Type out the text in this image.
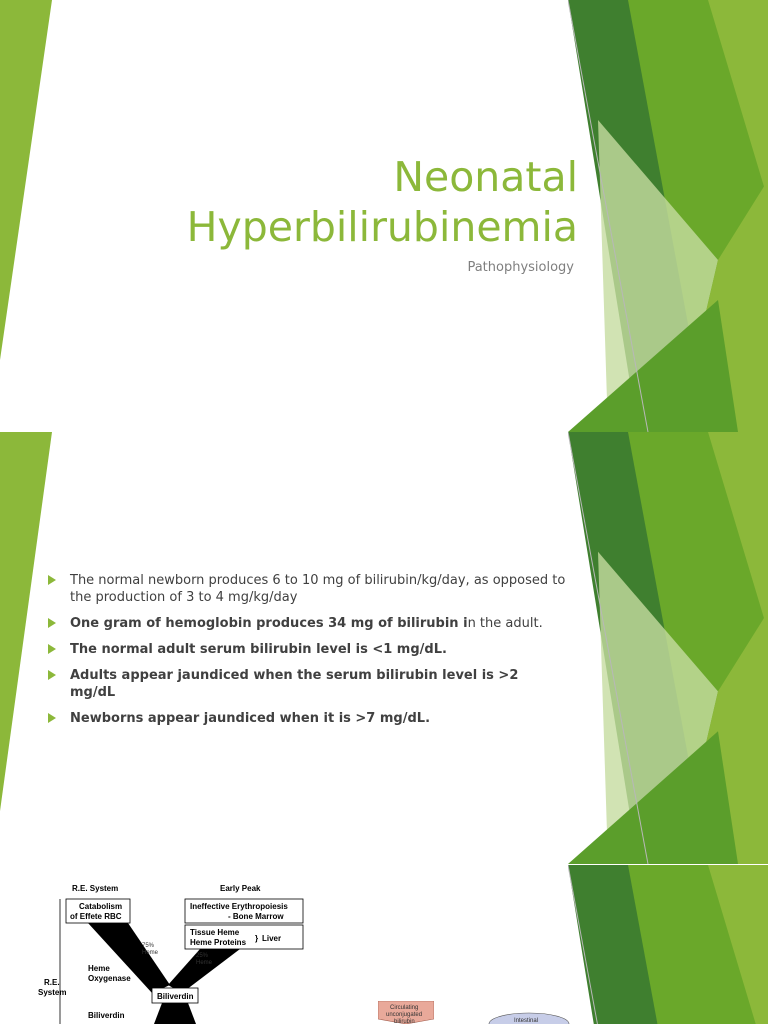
Neonatal
Hyperbilirubinemia
Pathophysiology
The normal newborn produces 6 to 10 mg of bilirubin/kg/day, as opposed to the production of 3 to 4 mg/kg/day
One gram of hemoglobin produces 34 mg of bilirubin in the adult.
The normal adult serum bilirubin level is <1 mg/dL.
Adults appear jaundiced when the serum bilirubin level is >2 mg/dL
Newborns appear jaundiced when it is >7 mg/dL.
R.E. System	Early Peak
Catabolism
of Effete RBC
Ineffective Erythropoiesis
- Bone Marrow
Tissue Heme
Heme Proteins } Liver
75%
Heme	25%
Heme
Heme
Oxygenase
R.E.
System	Biliverdin
Biliverdin
Circulating
unconjugated
bilirubin	Intestinal
